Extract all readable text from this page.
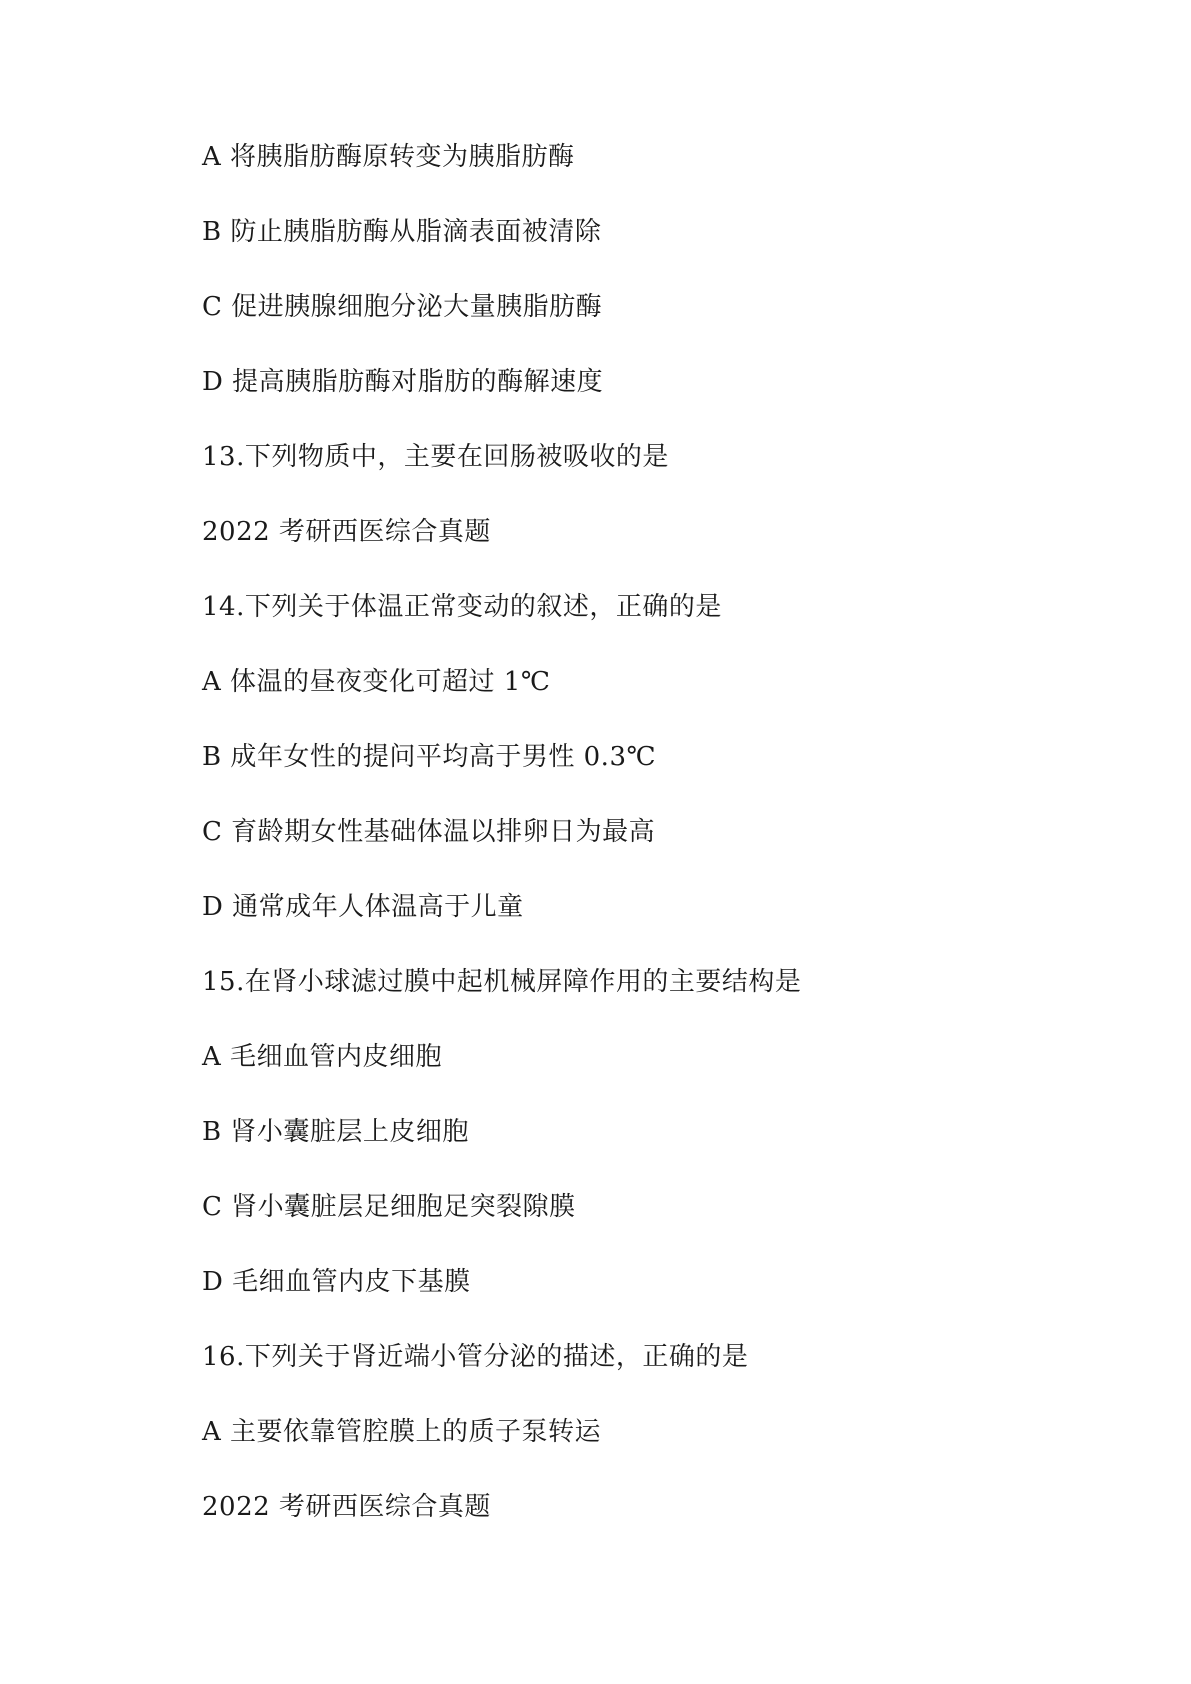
A 将胰脂肪酶原转变为胰脂肪酶
B 防止胰脂肪酶从脂滴表面被清除
C 促进胰腺细胞分泌大量胰脂肪酶
D 提高胰脂肪酶对脂肪的酶解速度
13.下列物质中，主要在回肠被吸收的是
2022 考研西医综合真题
14.下列关于体温正常变动的叙述，正确的是
A 体温的昼夜变化可超过 1℃
B 成年女性的提问平均高于男性 0.3℃
C 育龄期女性基础体温以排卵日为最高
D 通常成年人体温高于儿童
15.在肾小球滤过膜中起机械屏障作用的主要结构是
A 毛细血管内皮细胞
B 肾小囊脏层上皮细胞
C 肾小囊脏层足细胞足突裂隙膜
D 毛细血管内皮下基膜
16.下列关于肾近端小管分泌的描述，正确的是
A 主要依靠管腔膜上的质子泵转运
2022 考研西医综合真题
